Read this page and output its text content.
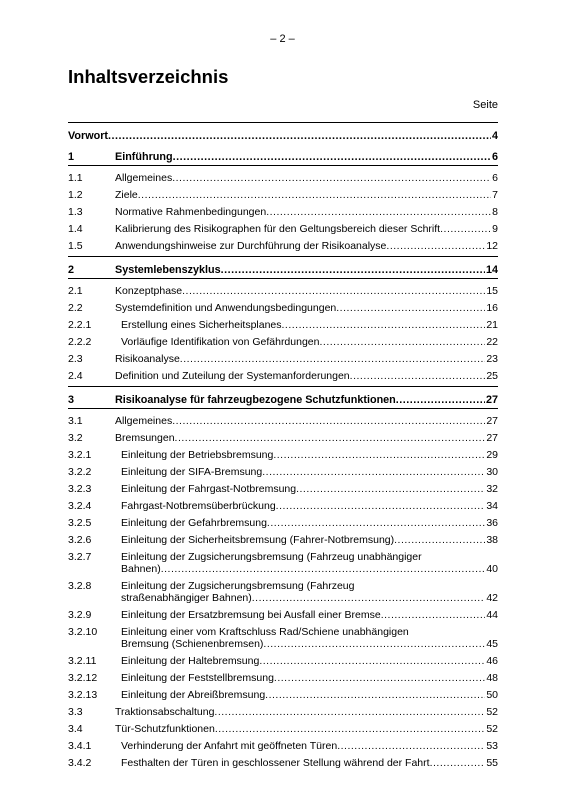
– 2 –
Inhaltsverzeichnis
Seite
Vorwort .....	4
1	Einführung .....	6
1.1	Allgemeines .....	6
1.2	Ziele .....	7
1.3	Normative Rahmenbedingungen .....	8
1.4	Kalibrierung des Risikographen für den Geltungsbereich dieser Schrift .....	9
1.5	Anwendungshinweise zur Durchführung der Risikoanalyse .....	12
2	Systemlebenszyklus .....	14
2.1	Konzeptphase .....	15
2.2	Systemdefinition und Anwendungsbedingungen .....	16
2.2.1	Erstellung eines Sicherheitsplanes .....	21
2.2.2	Vorläufige Identifikation von Gefährdungen .....	22
2.3	Risikoanalyse .....	23
2.4	Definition und Zuteilung der Systemanforderungen .....	25
3	Risikoanalyse für fahrzeugbezogene Schutzfunktionen .....	27
3.1	Allgemeines .....	27
3.2	Bremsungen .....	27
3.2.1	Einleitung der Betriebsbremsung .....	29
3.2.2	Einleitung der SIFA-Bremsung .....	30
3.2.3	Einleitung der Fahrgast-Notbremsung .....	32
3.2.4	Fahrgast-Notbremsüberbrückung .....	34
3.2.5	Einleitung der Gefahrbremsung .....	36
3.2.6	Einleitung der Sicherheitsbremsung (Fahrer-Notbremsung) .....	38
3.2.7	Einleitung der Zugsicherungsbremsung (Fahrzeug unabhängiger
Bahnen) .....	40
3.2.8	Einleitung der Zugsicherungsbremsung (Fahrzeug
straßenabhängiger Bahnen) .....	42
3.2.9	Einleitung der Ersatzbremsung bei Ausfall einer Bremse .....	44
3.2.10	Einleitung einer vom Kraftschluss Rad/Schiene unabhängigen
Bremsung (Schienenbremsen) .....	45
3.2.11	Einleitung der Haltebremsung .....	46
3.2.12	Einleitung der Feststellbremsung .....	48
3.2.13	Einleitung der Abreißbremsung .....	50
3.3	Traktionsabschaltung .....	52
3.4	Tür-Schutzfunktionen .....	52
3.4.1	Verhinderung der Anfahrt mit geöffneten Türen .....	53
3.4.2	Festhalten der Türen in geschlossener Stellung während der Fahrt .....	55
